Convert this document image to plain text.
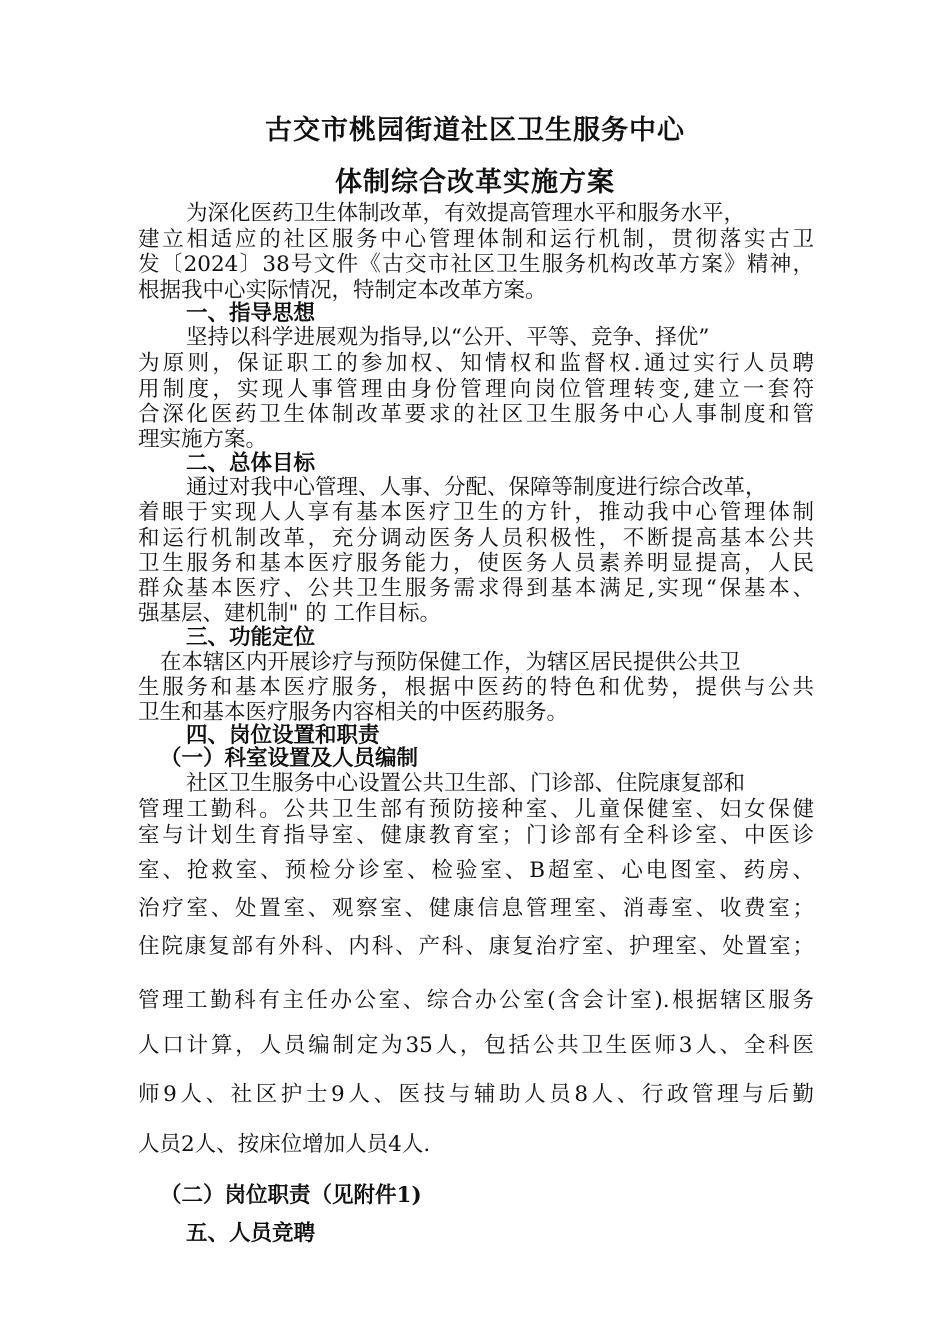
古交市桃园街道社区卫生服务中心
体制综合改革实施方案

为深化医药卫生体制改革，有效提高管理水平和服务水平，

建立相适应的社区服务中心管理体制和运行机制，贯彻落实古卫

发〔2024〕38号文件《古交市社区卫生服务机构改革方案》精神，

根据我中心实际情况，特制定本改革方案。

一、指导思想

坚持以科学进展观为指导,以“公开、平等、竞争、择优”

为原则，保证职工的参加权、知情权和监督权.通过实行人员聘

用制度，实现人事管理由身份管理向岗位管理转变,建立一套符

合深化医药卫生体制改革要求的社区卫生服务中心人事制度和管

理实施方案。

二、总体目标

通过对我中心管理、人事、分配、保障等制度进行综合改革，

着眼于实现人人享有基本医疗卫生的方针，推动我中心管理体制

和运行机制改革，充分调动医务人员积极性，不断提高基本公共

卫生服务和基本医疗服务能力，使医务人员素养明显提高，人民

群众基本医疗、公共卫生服务需求得到基本满足,实现“保基本、

强基层、建机制" 的 工作目标。

三、功能定位

在本辖区内开展诊疗与预防保健工作，为辖区居民提供公共卫

生服务和基本医疗服务，根据中医药的特色和优势，提供与公共

卫生和基本医疗服务内容相关的中医药服务。

四、岗位设置和职责

（一）科室设置及人员编制

社区卫生服务中心设置公共卫生部、门诊部、住院康复部和

管理工勤科。公共卫生部有预防接种室、儿童保健室、妇女保健

室与计划生育指导室、健康教育室；门诊部有全科诊室、中医诊

室、抢救室、预检分诊室、检验室、B超室、心电图室、药房、

治疗室、处置室、观察室、健康信息管理室、消毒室、收费室；

住院康复部有外科、内科、产科、康复治疗室、护理室、处置室；

管理工勤科有主任办公室、综合办公室(含会计室).根据辖区服务

人口计算，人员编制定为35人，包括公共卫生医师3人、全科医

师9人、社区护士9人、医技与辅助人员8人、行政管理与后勤

人员2人、按床位增加人员4人.

（二）岗位职责（见附件1)

五、人员竞聘
